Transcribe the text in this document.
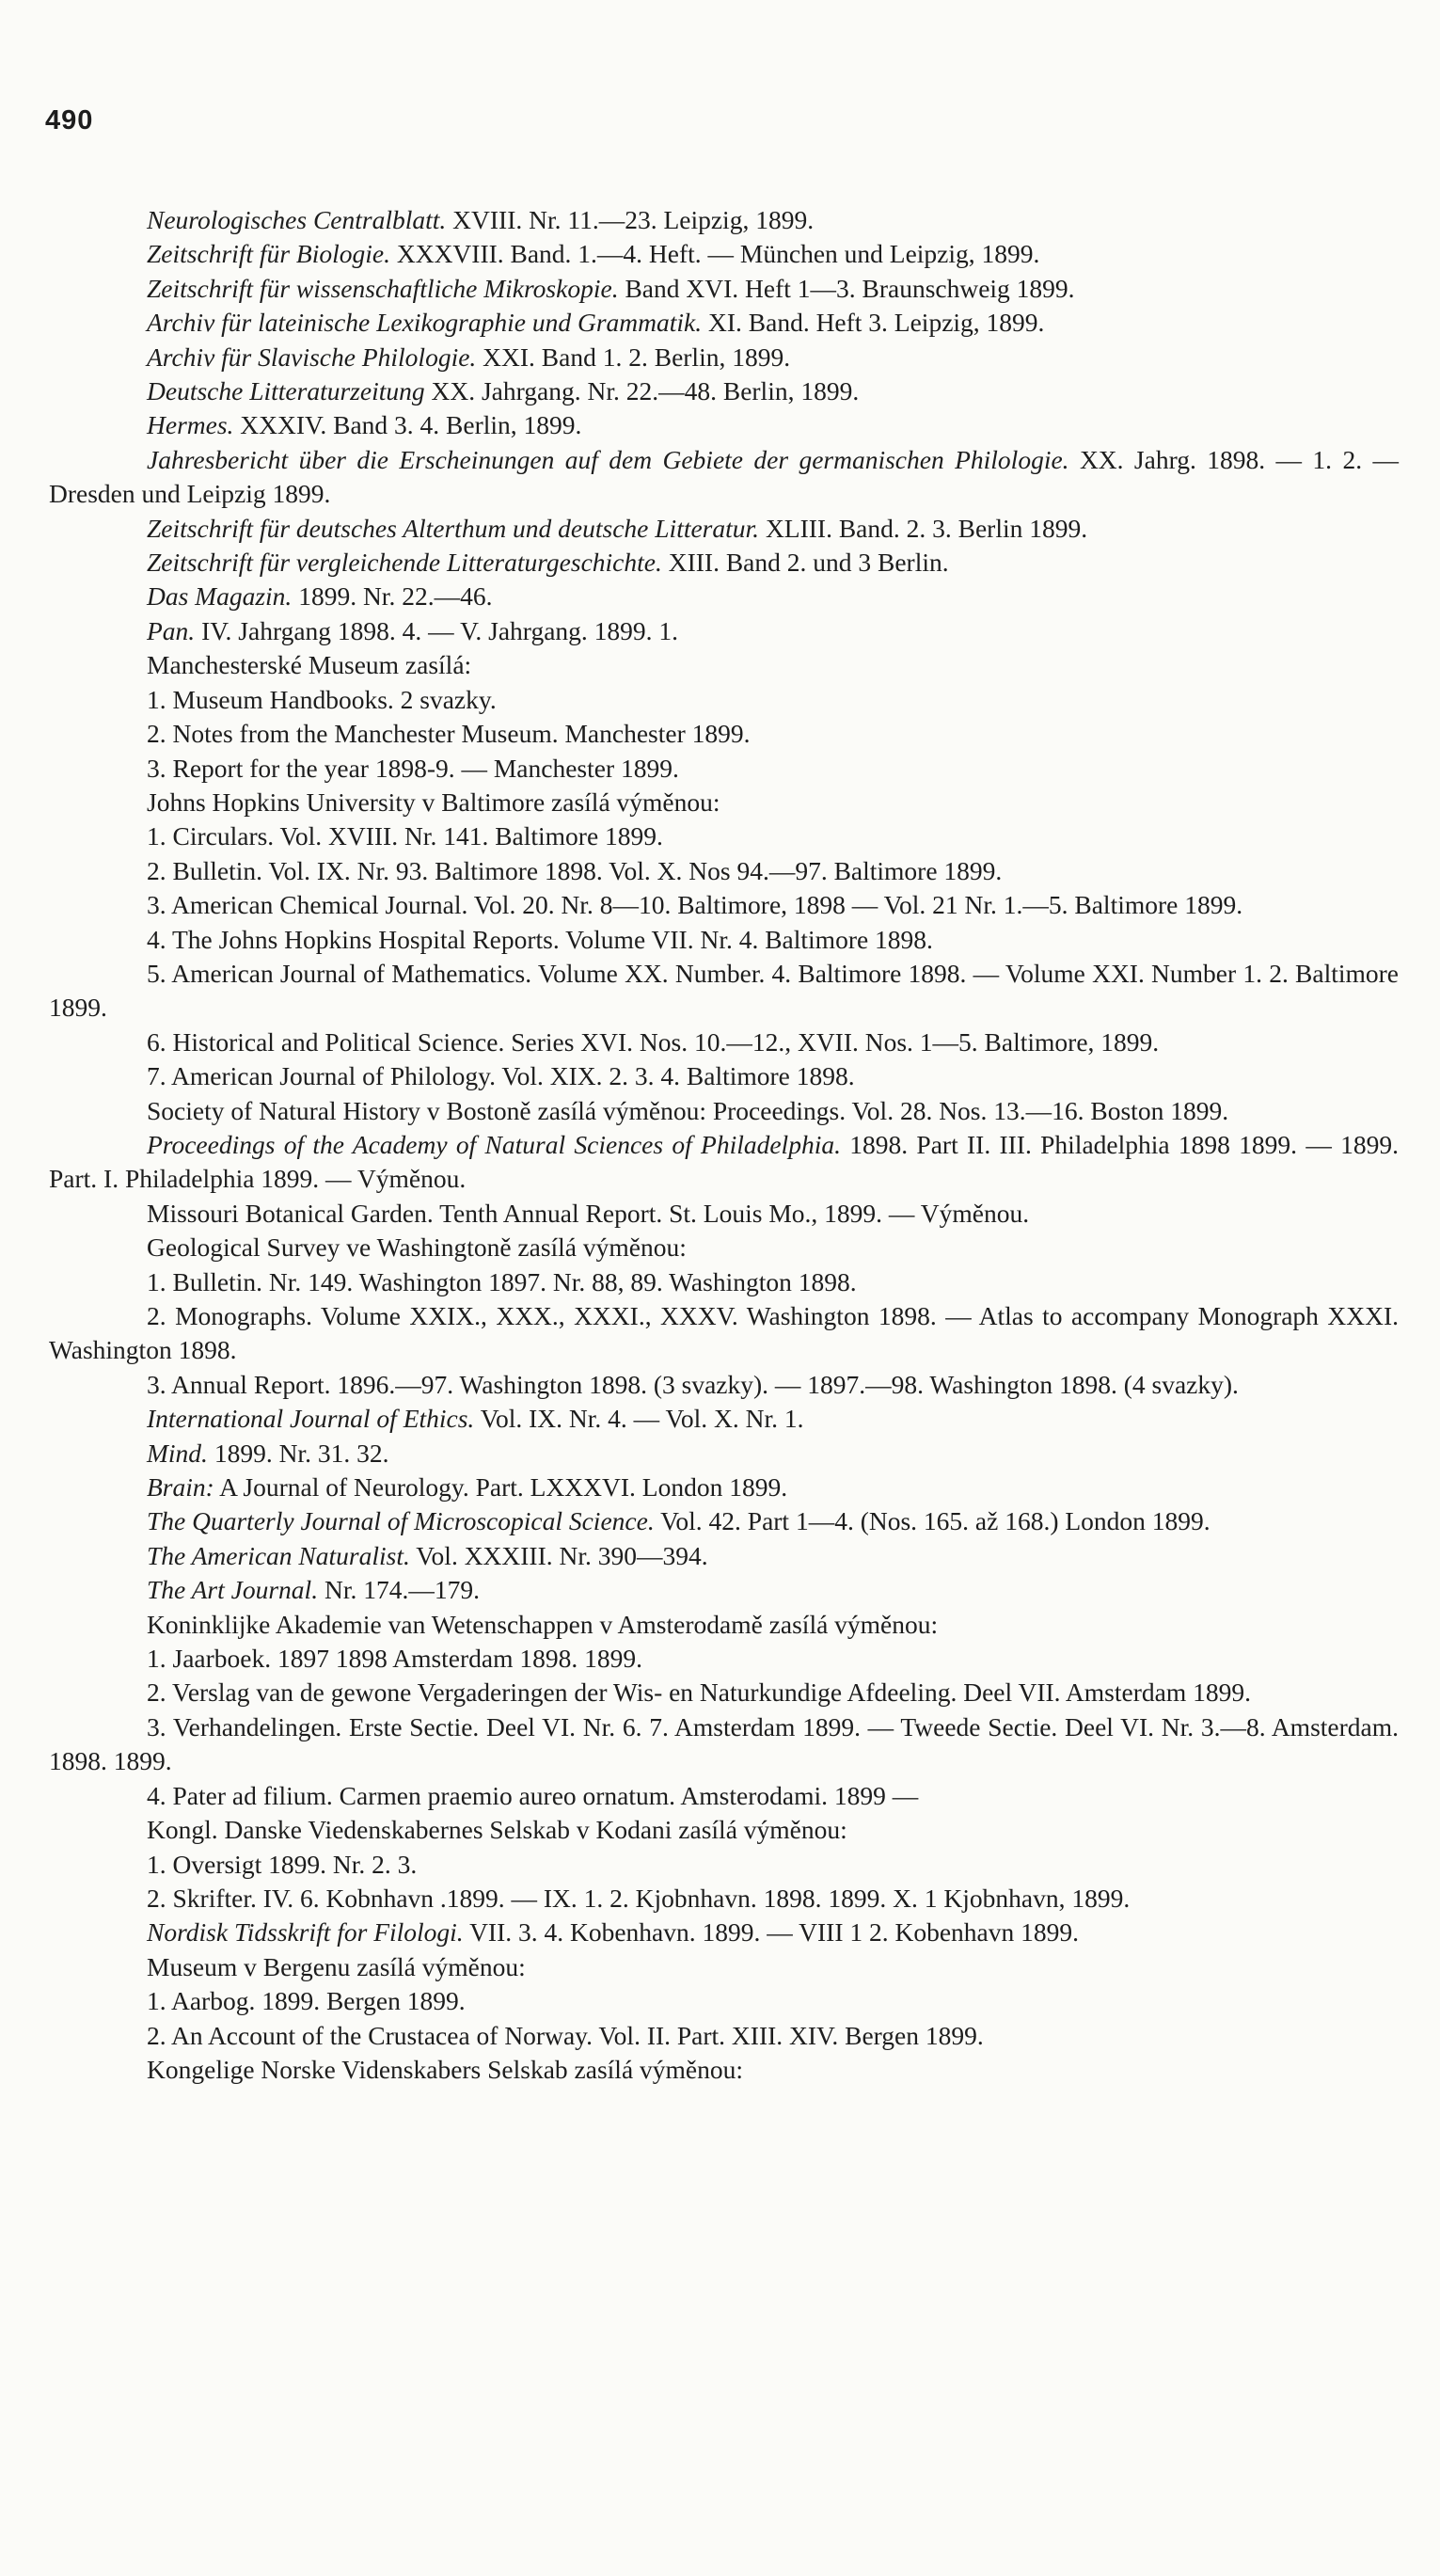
490

Neurologisches Centralblatt. XVIII. Nr. 11.—23. Leipzig, 1899.

Zeitschrift für Biologie. XXXVIII. Band. 1.—4. Heft. — München und Leipzig, 1899.

Zeitschrift für wissenschaftliche Mikroskopie. Band XVI. Heft 1—3. Braunschweig 1899.

Archiv für lateinische Lexikographie und Grammatik. XI. Band. Heft 3. Leipzig, 1899.

Archiv für Slavische Philologie. XXI. Band 1. 2. Berlin, 1899.

Deutsche Litteraturzeitung XX. Jahrgang. Nr. 22.—48. Berlin, 1899.

Hermes. XXXIV. Band 3. 4. Berlin, 1899.

Jahresbericht über die Erscheinungen auf dem Gebiete der germanischen Philologie. XX. Jahrg. 1898. — 1. 2. — Dresden und Leipzig 1899.

Zeitschrift für deutsches Alterthum und deutsche Litteratur. XLIII. Band. 2. 3. Berlin 1899.

Zeitschrift für vergleichende Litteraturgeschichte. XIII. Band 2. und 3 Berlin.

Das Magazin. 1899. Nr. 22.—46.

Pan. IV. Jahrgang 1898. 4. — V. Jahrgang. 1899. 1.

Manchesterské Museum zasílá:

1. Museum Handbooks. 2 svazky.

2. Notes from the Manchester Museum. Manchester 1899.

3. Report for the year 1898-9. — Manchester 1899.

Johns Hopkins University v Baltimore zasílá výměnou:

1. Circulars. Vol. XVIII. Nr. 141. Baltimore 1899.

2. Bulletin. Vol. IX. Nr. 93. Baltimore 1898. Vol. X. Nos 94.—97. Baltimore 1899.

3. American Chemical Journal. Vol. 20. Nr. 8—10. Baltimore, 1898 — Vol. 21 Nr. 1.—5. Baltimore 1899.

4. The Johns Hopkins Hospital Reports. Volume VII. Nr. 4. Baltimore 1898.

5. American Journal of Mathematics. Volume XX. Number. 4. Baltimore 1898. — Volume XXI. Number 1. 2. Baltimore 1899.

6. Historical and Political Science. Series XVI. Nos. 10.—12., XVII. Nos. 1—5. Baltimore, 1899.

7. American Journal of Philology. Vol. XIX. 2. 3. 4. Baltimore 1898.

Society of Natural History v Bostoně zasílá výměnou: Proceedings. Vol. 28. Nos. 13.—16. Boston 1899.

Proceedings of the Academy of Natural Sciences of Philadelphia. 1898. Part II. III. Philadelphia 1898 1899. — 1899. Part. I. Philadelphia 1899. — Výměnou.

Missouri Botanical Garden. Tenth Annual Report. St. Louis Mo., 1899. — Výměnou.

Geological Survey ve Washingtoně zasílá výměnou:

1. Bulletin. Nr. 149. Washington 1897. Nr. 88, 89. Washington 1898.

2. Monographs. Volume XXIX., XXX., XXXI., XXXV. Washington 1898. — Atlas to accompany Monograph XXXI. Washington 1898.

3. Annual Report. 1896.—97. Washington 1898. (3 svazky). — 1897.—98. Washington 1898. (4 svazky).

International Journal of Ethics. Vol. IX. Nr. 4. — Vol. X. Nr. 1.

Mind. 1899. Nr. 31. 32.

Brain: A Journal of Neurology. Part. LXXXVI. London 1899.

The Quarterly Journal of Microscopical Science. Vol. 42. Part 1—4. (Nos. 165. až 168.) London 1899.

The American Naturalist. Vol. XXXIII. Nr. 390—394.

The Art Journal. Nr. 174.—179.

Koninklijke Akademie van Wetenschappen v Amsterodamě zasílá výměnou:

1. Jaarboek. 1897 1898 Amsterdam 1898. 1899.

2. Verslag van de gewone Vergaderingen der Wis- en Naturkundige Afdeeling. Deel VII. Amsterdam 1899.

3. Verhandelingen. Erste Sectie. Deel VI. Nr. 6. 7. Amsterdam 1899. — Tweede Sectie. Deel VI. Nr. 3.—8. Amsterdam. 1898. 1899.

4. Pater ad filium. Carmen praemio aureo ornatum. Amsterodami. 1899 —

Kongl. Danske Viedenskabernes Selskab v Kodani zasílá výměnou:

1. Oversigt 1899. Nr. 2. 3.

2. Skrifter. IV. 6. Kobnhavn .1899. — IX. 1. 2. Kjobnhavn. 1898. 1899. X. 1 Kjobnhavn, 1899.

Nordisk Tidsskrift for Filologi. VII. 3. 4. Kobenhavn. 1899. — VIII 1 2. Kobenhavn 1899.

Museum v Bergenu zasílá výměnou:

1. Aarbog. 1899. Bergen 1899.

2. An Account of the Crustacea of Norway. Vol. II. Part. XIII. XIV. Bergen 1899.

Kongelige Norske Videnskabers Selskab zasílá výměnou:
